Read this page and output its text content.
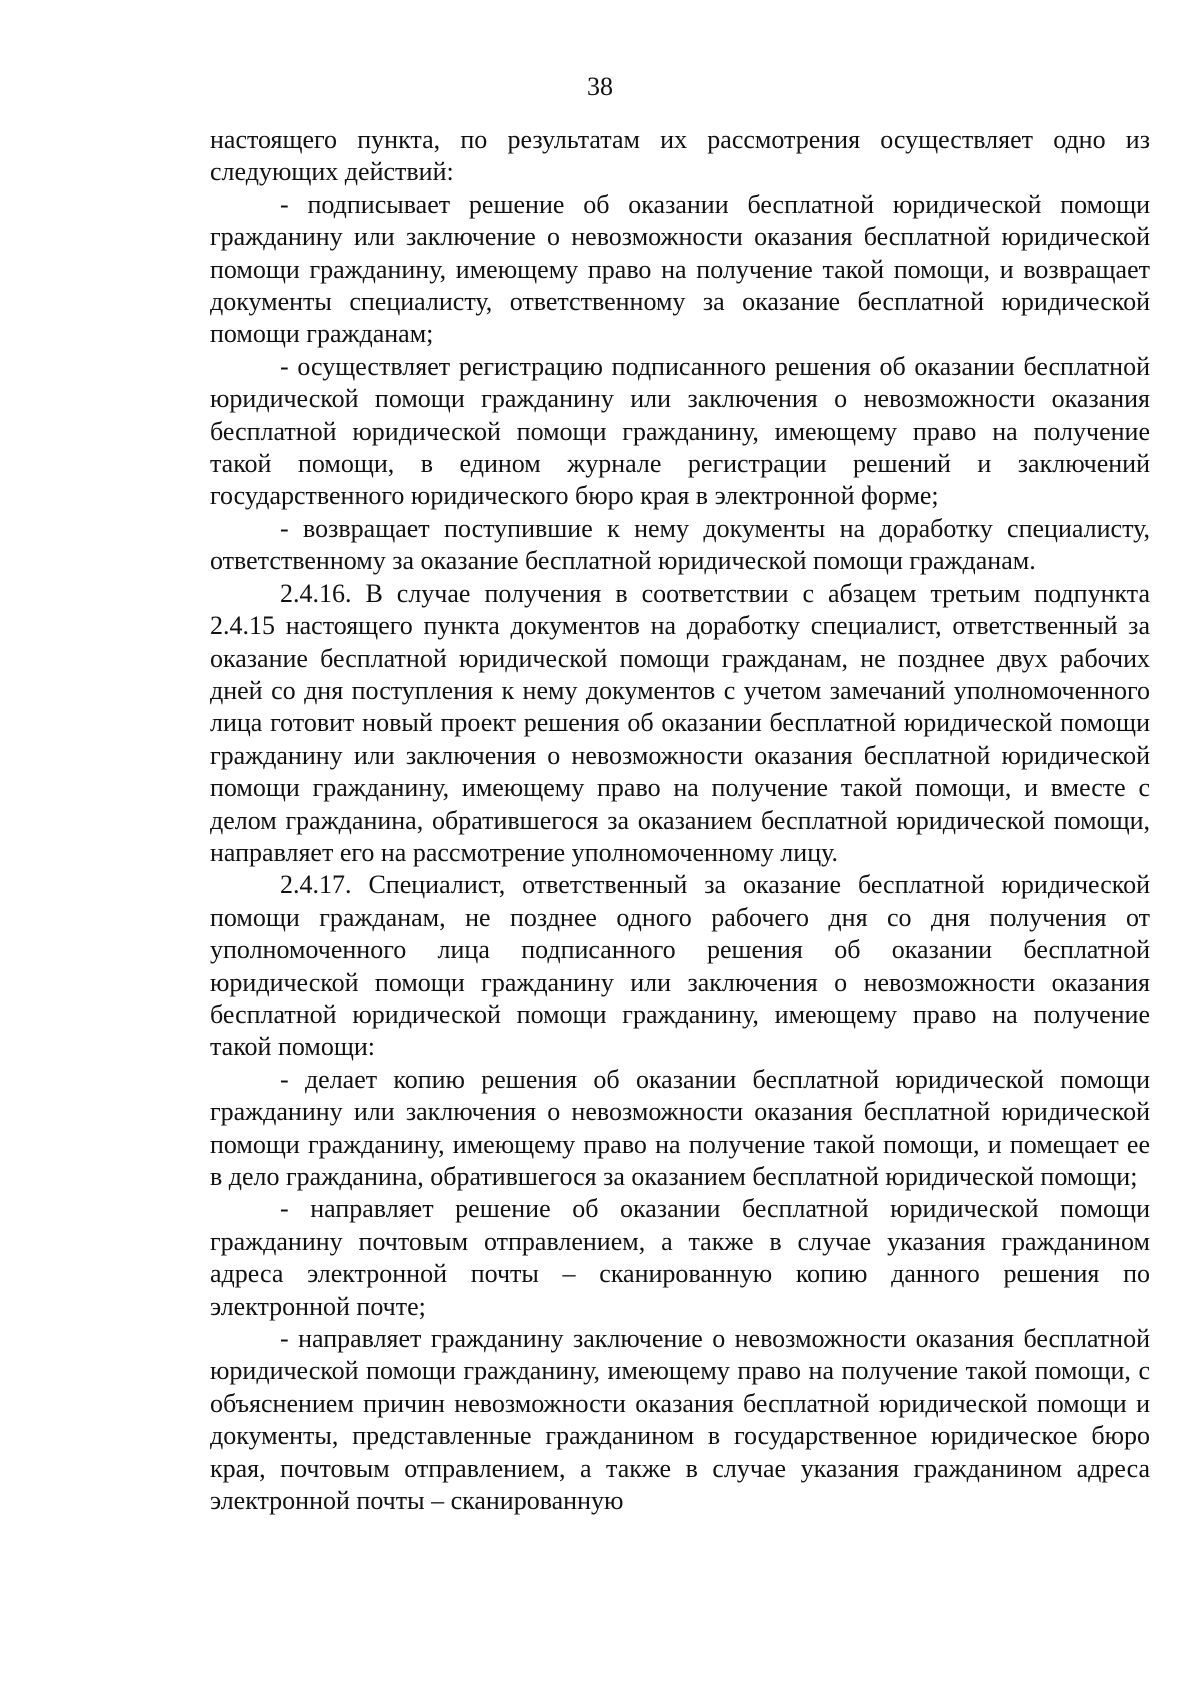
38

настоящего пункта, по результатам их рассмотрения осуществляет одно из следующих действий:

- подписывает решение об оказании бесплатной юридической помощи гражданину или заключение о невозможности оказания бесплатной юридической помощи гражданину, имеющему право на получение такой помощи, и возвращает документы специалисту, ответственному за оказание бесплатной юридической помощи гражданам;

- осуществляет регистрацию подписанного решения об оказании бесплатной юридической помощи гражданину или заключения о невозможности оказания бесплатной юридической помощи гражданину, имеющему право на получение такой помощи, в едином журнале регистрации решений и заключений государственного юридического бюро края в электронной форме;

- возвращает поступившие к нему документы на доработку специалисту, ответственному за оказание бесплатной юридической помощи гражданам.

2.4.16. В случае получения в соответствии с абзацем третьим подпункта 2.4.15 настоящего пункта документов на доработку специалист, ответственный за оказание бесплатной юридической помощи гражданам, не позднее двух рабочих дней со дня поступления к нему документов с учетом замечаний уполномоченного лица готовит новый проект решения об оказании бесплатной юридической помощи гражданину или заключения о невозможности оказания бесплатной юридической помощи гражданину, имеющему право на получение такой помощи, и вместе с делом гражданина, обратившегося за оказанием бесплатной юридической помощи, направляет его на рассмотрение уполномоченному лицу.

2.4.17. Специалист, ответственный за оказание бесплатной юридической помощи гражданам, не позднее одного рабочего дня со дня получения от уполномоченного лица подписанного решения об оказании бесплатной юридической помощи гражданину или заключения о невозможности оказания бесплатной юридической помощи гражданину, имеющему право на получение такой помощи:

- делает копию решения об оказании бесплатной юридической помощи гражданину или заключения о невозможности оказания бесплатной юридической помощи гражданину, имеющему право на получение такой помощи, и помещает ее в дело гражданина, обратившегося за оказанием бесплатной юридической помощи;

- направляет решение об оказании бесплатной юридической помощи гражданину почтовым отправлением, а также в случае указания гражданином адреса электронной почты – сканированную копию данного решения по электронной почте;

- направляет гражданину заключение о невозможности оказания бесплатной юридической помощи гражданину, имеющему право на получение такой помощи, с объяснением причин невозможности оказания бесплатной юридической помощи и документы, представленные гражданином в государственное юридическое бюро края, почтовым отправлением, а также в случае указания гражданином адреса электронной почты – сканированную
